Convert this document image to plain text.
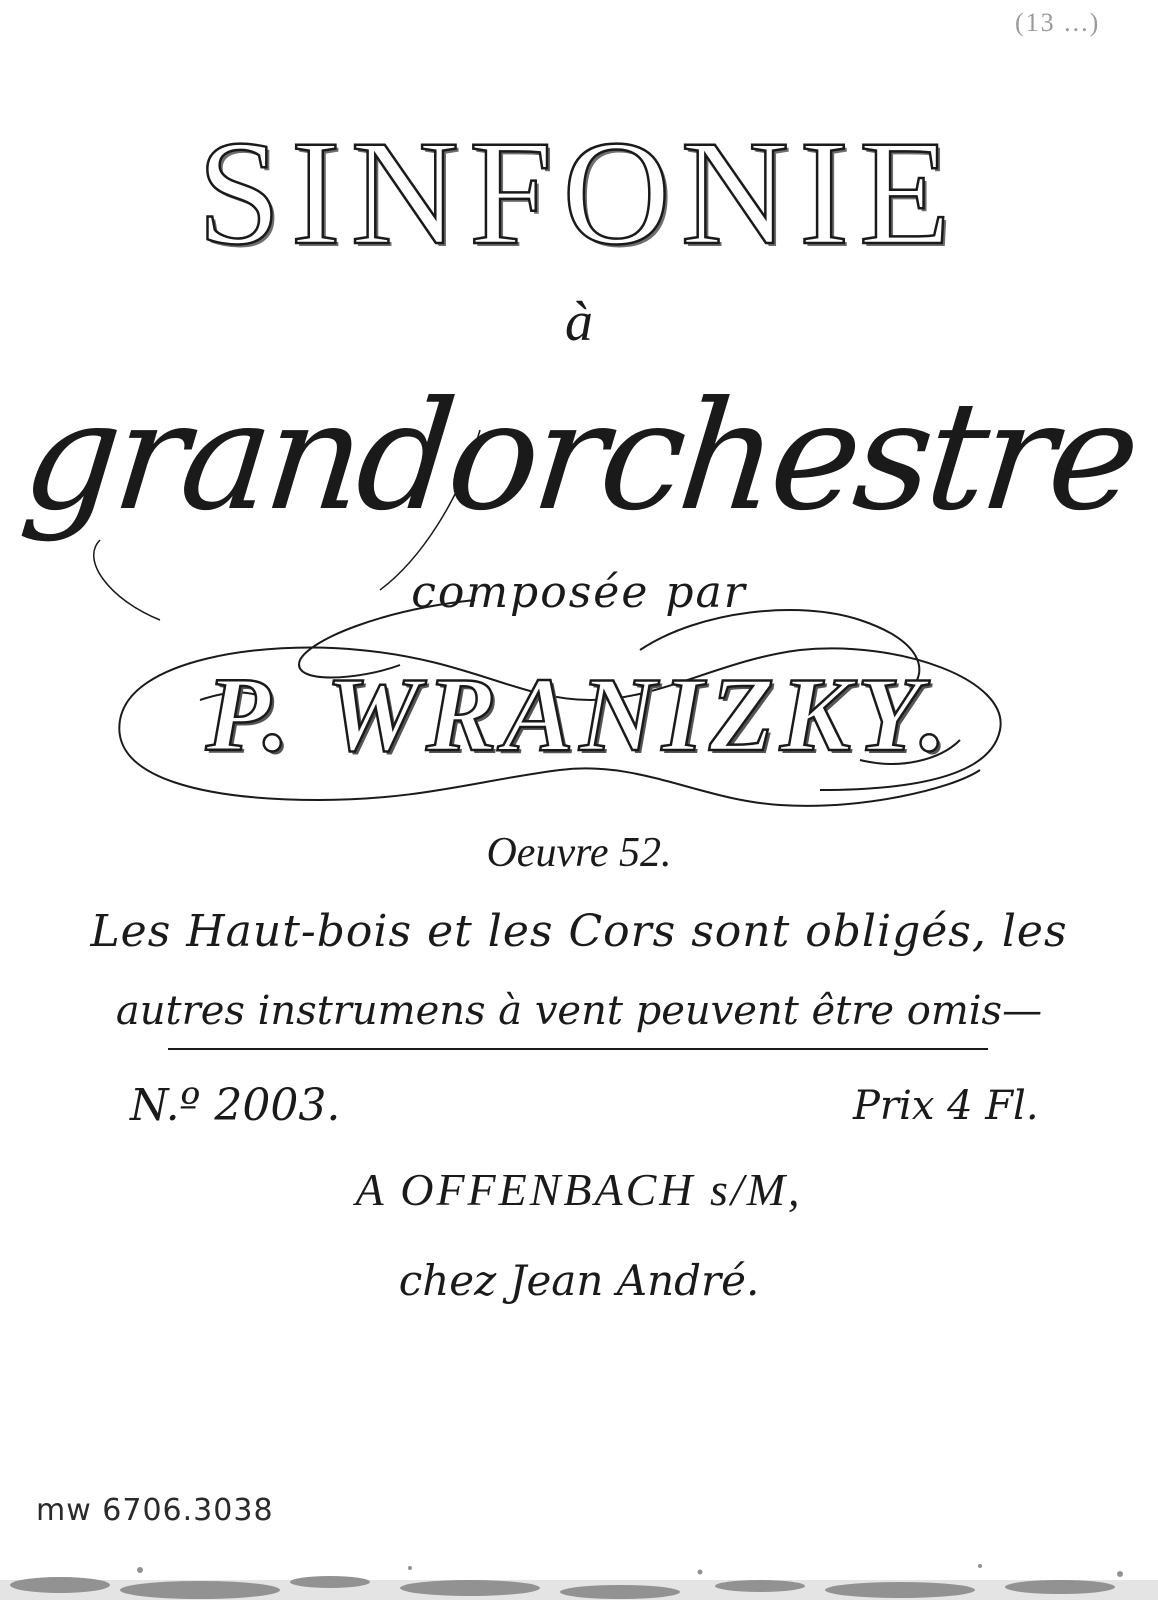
(13 ...)
SINFONIE
à
grandorchestre
composée par
P. WRANIZKY.
Oeuvre 52.
Les Haut-bois et les Cors sont obligés, les
autres instrumens à vent peuvent être omis—
N.º 2003.	Prix 4 Fl.
A OFFENBACH s/M,
chez Jean André.
mw 6706.3038
